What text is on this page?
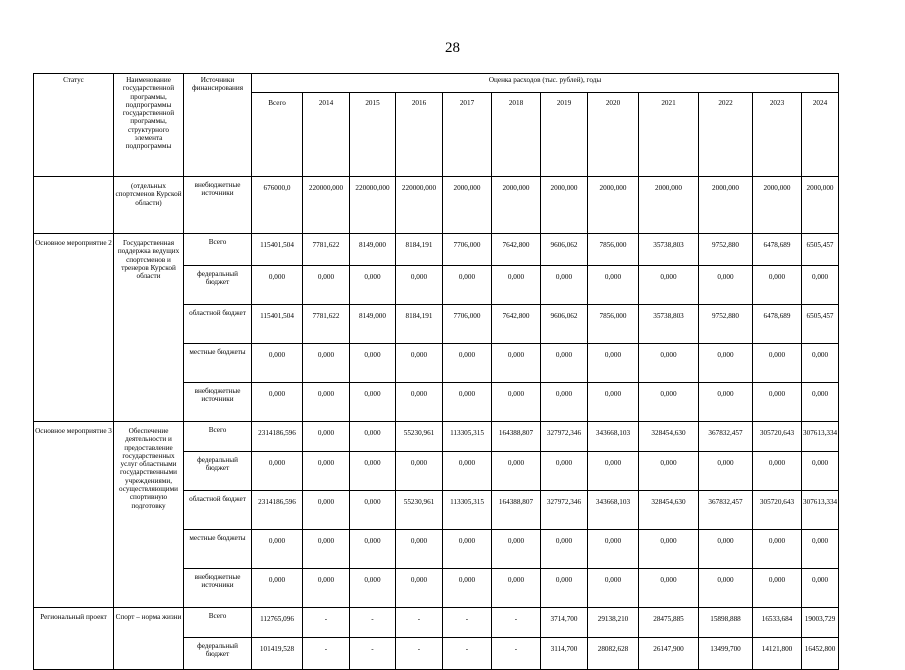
28
Статус	Наименование государственной программы, подпрограммы государственной программы, структурного элемента подпрограммы	Источники финансирования	Оценка расходов (тыс. рублей), годы											
			Всего	2014	2015	2016	2017	2018	2019	2020	2021	2022	2023	2024
	(отдельных спортсменов Курской области)	внебюджетные источники	676000,0	220000,000	220000,000	220000,000	2000,000	2000,000	2000,000	2000,000	2000,000	2000,000	2000,000	2000,000
Основное мероприятие 2	Государственная поддержка ведущих спортсменов и тренеров Курской области	Всего	115401,504	7781,622	8149,000	8184,191	7706,000	7642,800	9606,062	7856,000	35738,803	9752,880	6478,689	6505,457
		федеральный бюджет	0,000	0,000	0,000	0,000	0,000	0,000	0,000	0,000	0,000	0,000	0,000	0,000
		областной бюджет	115401,504	7781,622	8149,000	8184,191	7706,000	7642,800	9606,062	7856,000	35738,803	9752,880	6478,689	6505,457
		местные бюджеты	0,000	0,000	0,000	0,000	0,000	0,000	0,000	0,000	0,000	0,000	0,000	0,000
		внебюджетные источники	0,000	0,000	0,000	0,000	0,000	0,000	0,000	0,000	0,000	0,000	0,000	0,000
Основное мероприятие 3	Обеспечение деятельности и предоставление государственных услуг областными государственными учреждениями, осуществляющими спортивную подготовку	Всего	2314186,596	0,000	0,000	55230,961	113305,315	164388,807	327972,346	343668,103	328454,630	367832,457	305720,643	307613,334
		федеральный бюджет	0,000	0,000	0,000	0,000	0,000	0,000	0,000	0,000	0,000	0,000	0,000	0,000
		областной бюджет	2314186,596	0,000	0,000	55230,961	113305,315	164388,807	327972,346	343668,103	328454,630	367832,457	305720,643	307613,334
		местные бюджеты	0,000	0,000	0,000	0,000	0,000	0,000	0,000	0,000	0,000	0,000	0,000	0,000
		внебюджетные источники	0,000	0,000	0,000	0,000	0,000	0,000	0,000	0,000	0,000	0,000	0,000	0,000
Региональный проект	Спорт – норма жизни	Всего	112765,096	-	-	-	-	-	3714,700	29138,210	28475,885	15898,888	16533,684	19003,729
		федеральный бюджет	101419,528	-	-	-	-	-	3114,700	28082,628	26147,900	13499,700	14121,800	16452,800
